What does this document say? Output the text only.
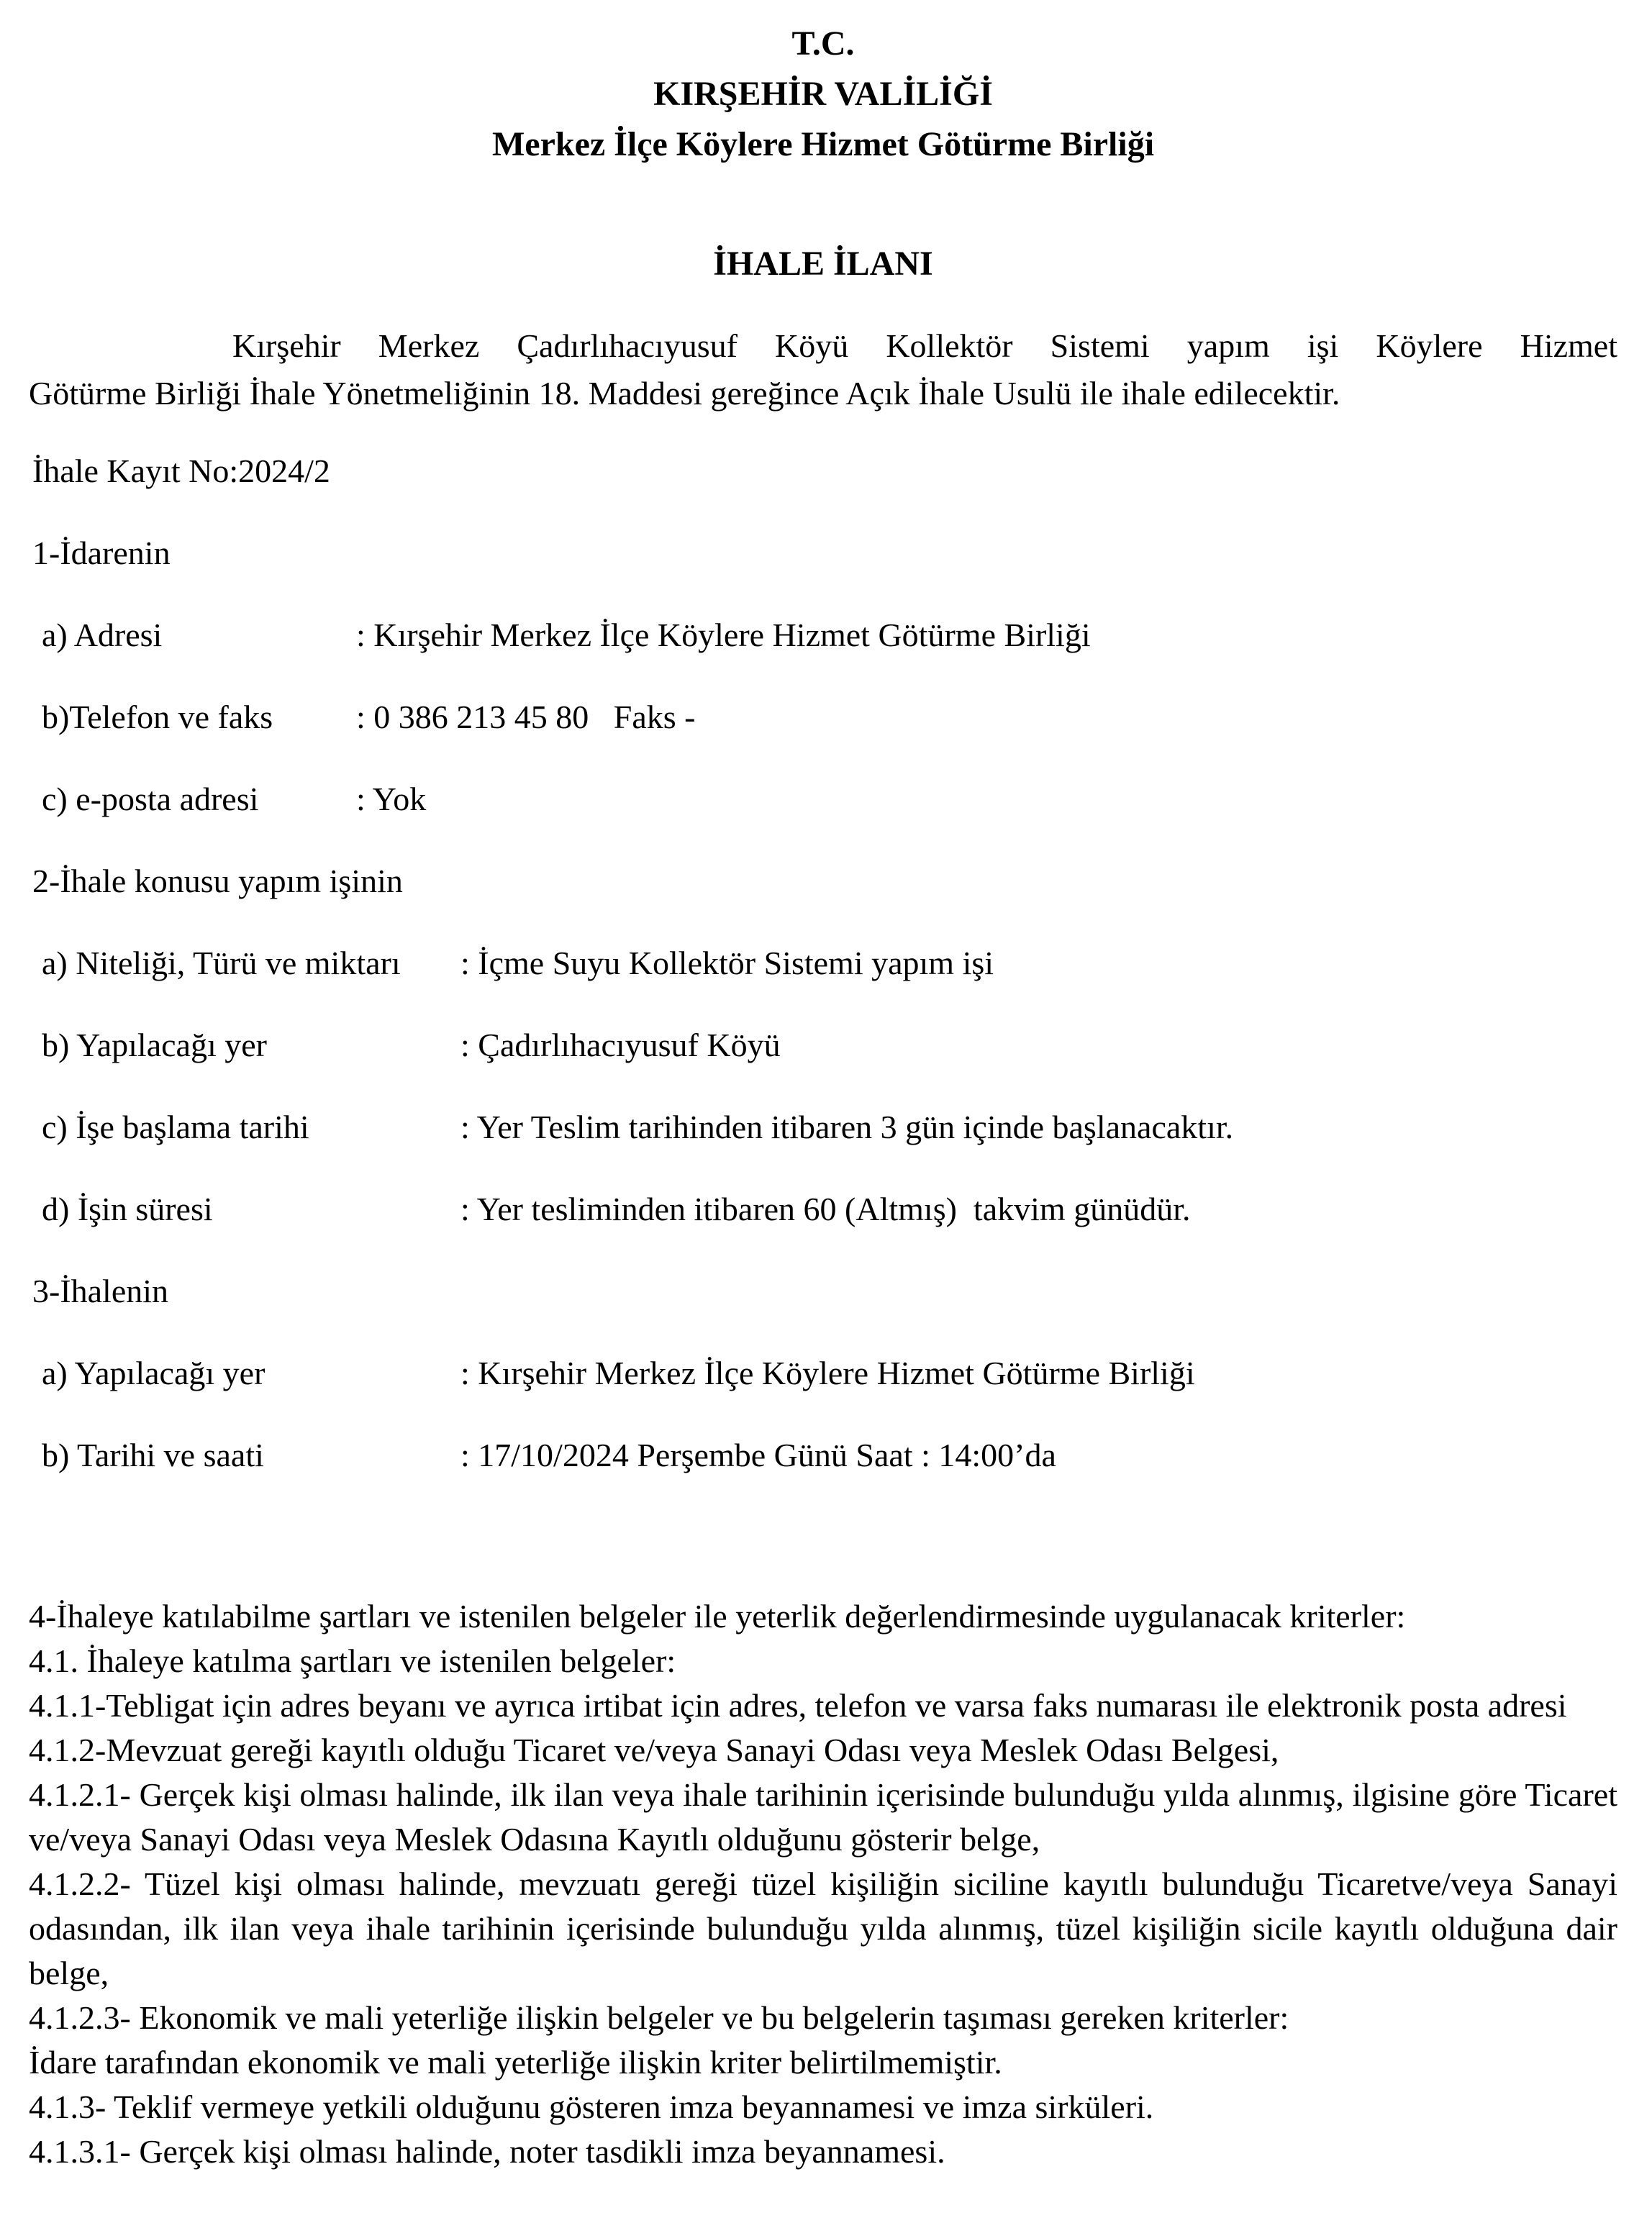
T.C.
KIRŞEHİR VALİLİĞİ
Merkez İlçe Köylere Hizmet Götürme Birliği
İHALE İLANI
Kırşehir Merkez Çadırlıhacıyusuf Köyü Kollektör Sistemi yapım işi Köylere Hizmet
Götürme Birliği İhale Yönetmeliğinin 18. Maddesi gereğince Açık İhale Usulü ile ihale edilecektir.
İhale Kayıt No:2024/2
1-İdarenin
a) Adresi	: Kırşehir Merkez İlçe Köylere Hizmet Götürme Birliği
b)Telefon ve faks	: 0 386 213 45 80   Faks -
c) e-posta adresi	: Yok
2-İhale konusu yapım işinin
a) Niteliği, Türü ve miktarı	: İçme Suyu Kollektör Sistemi yapım işi
b) Yapılacağı yer	: Çadırlıhacıyusuf Köyü
c) İşe başlama tarihi	: Yer Teslim tarihinden itibaren 3 gün içinde başlanacaktır.
d) İşin süresi	: Yer tesliminden itibaren 60 (Altmış)  takvim günüdür.
3-İhalenin
a) Yapılacağı yer	: Kırşehir Merkez İlçe Köylere Hizmet Götürme Birliği
b) Tarihi ve saati	: 17/10/2024 Perşembe Günü Saat : 14:00’da

4-İhaleye katılabilme şartları ve istenilen belgeler ile yeterlik değerlendirmesinde uygulanacak kriterler:

4.1. İhaleye katılma şartları ve istenilen belgeler:

4.1.1-Tebligat için adres beyanı ve ayrıca irtibat için adres, telefon ve varsa faks numarası ile elektronik posta adresi

4.1.2-Mevzuat gereği kayıtlı olduğu Ticaret ve/veya Sanayi Odası veya Meslek Odası Belgesi,

4.1.2.1- Gerçek kişi olması halinde, ilk ilan veya ihale tarihinin içerisinde bulunduğu yılda alınmış, ilgisine göre Ticaret ve/veya Sanayi Odası veya Meslek Odasına Kayıtlı olduğunu gösterir belge,

4.1.2.2- Tüzel kişi olması halinde, mevzuatı gereği tüzel kişiliğin siciline kayıtlı bulunduğu Ticaretve/veya Sanayi odasından, ilk ilan veya ihale tarihinin içerisinde bulunduğu yılda alınmış, tüzel kişiliğin sicile kayıtlı olduğuna dair belge,

4.1.2.3- Ekonomik ve mali yeterliğe ilişkin belgeler ve bu belgelerin taşıması gereken kriterler:

İdare tarafından ekonomik ve mali yeterliğe ilişkin kriter belirtilmemiştir.

4.1.3- Teklif vermeye yetkili olduğunu gösteren imza beyannamesi ve imza sirküleri.

4.1.3.1- Gerçek kişi olması halinde, noter tasdikli imza beyannamesi.
